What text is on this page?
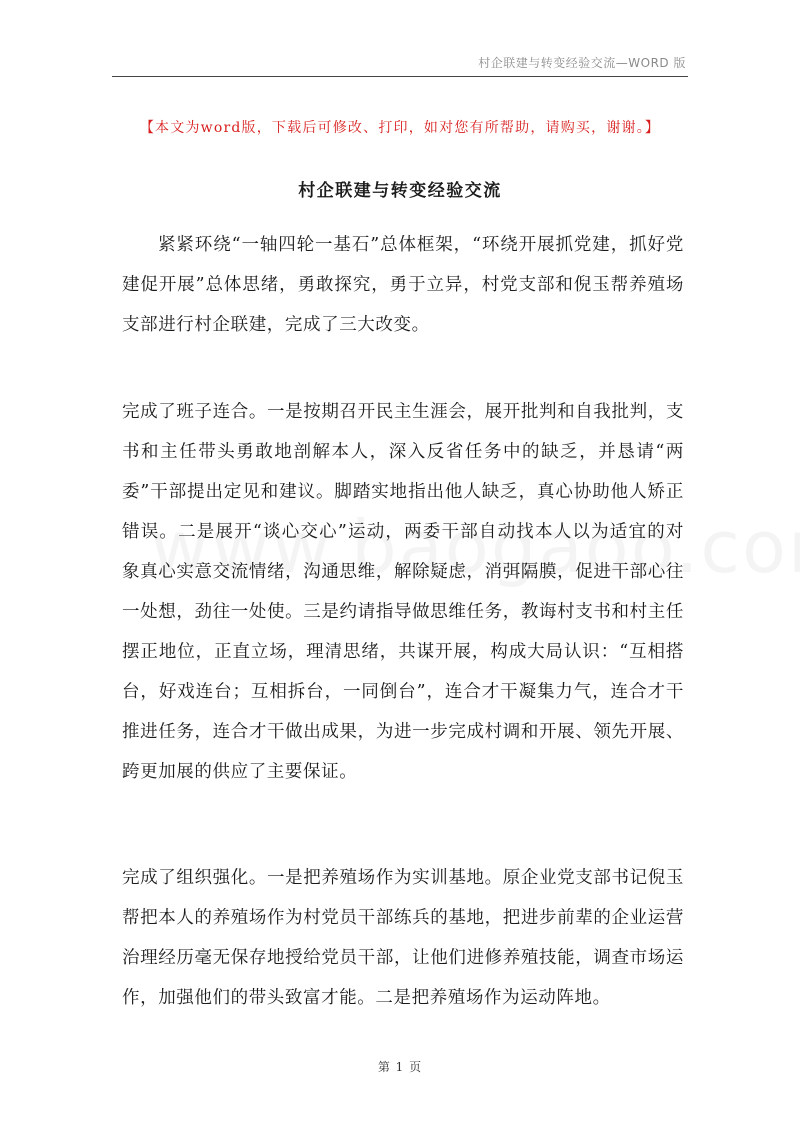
村企联建与转变经验交流—WORD 版
【本文为word版，下载后可修改、打印，如对您有所帮助，请购买，谢谢。】
村企联建与转变经验交流

紧紧环绕“一轴四轮一基石”总体框架，“环绕开展抓党建，抓好党建促开展”总体思绪，勇敢探究，勇于立异，村党支部和倪玉帮养殖场支部进行村企联建，完成了三大改变。

完成了班子连合。一是按期召开民主生涯会，展开批判和自我批判，支书和主任带头勇敢地剖解本人，深入反省任务中的缺乏，并恳请“两委”干部提出定见和建议。脚踏实地指出他人缺乏，真心协助他人矫正错误。二是展开“谈心交心”运动，两委干部自动找本人以为适宜的对象真心实意交流情绪，沟通思维，解除疑虑，消弭隔膜，促进干部心往一处想，劲往一处使。三是约请指导做思维任务，教诲村支书和村主任摆正地位，正直立场，理清思绪，共谋开展，构成大局认识：“互相搭台，好戏连台；互相拆台，一同倒台”，连合才干凝集力气，连合才干推进任务，连合才干做出成果，为进一步完成村调和开展、领先开展、跨更加展的供应了主要保证。

完成了组织强化。一是把养殖场作为实训基地。原企业党支部书记倪玉帮把本人的养殖场作为村党员干部练兵的基地，把进步前辈的企业运营治理经历毫无保存地授给党员干部，让他们进修养殖技能，调查市场运作，加强他们的带头致富才能。二是把养殖场作为运动阵地。

第 1 页
